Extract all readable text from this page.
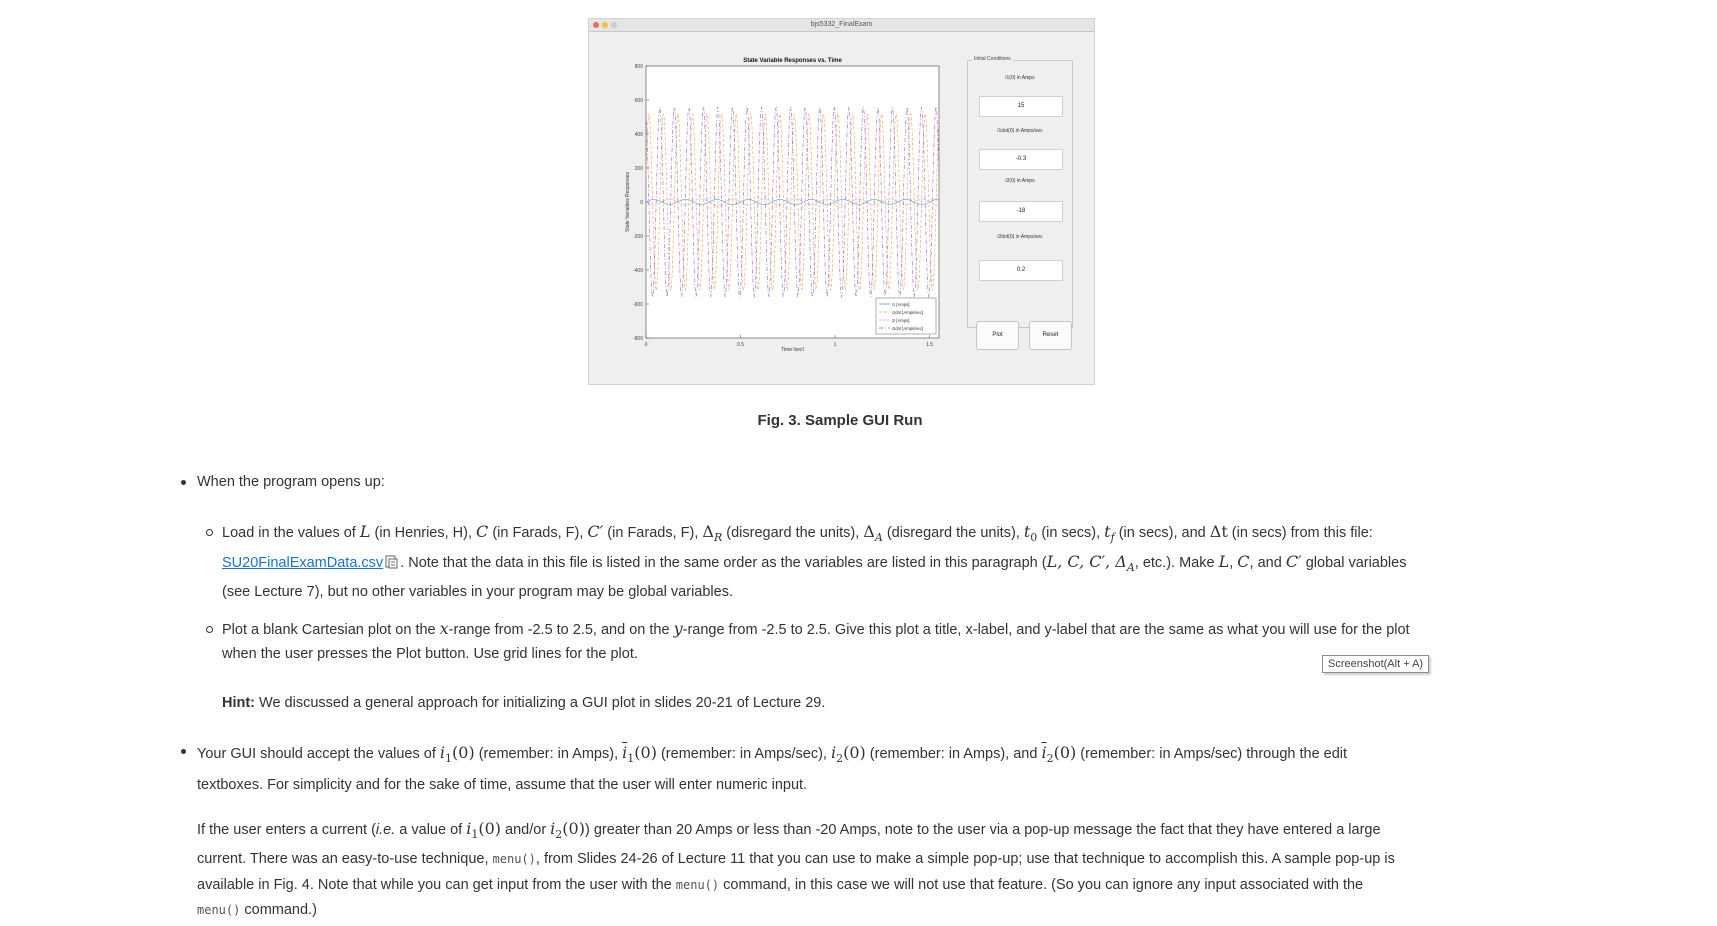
bjs5332_FinalExam
State Variable Responses vs. Time
800
600
400
200
0
-200
-400
-600
-800
0	0.5	1	1.5
Time [sec]
State Variables Responses
i1 [Amps]
i1dot [Amps/sec]
i2 [Amps]
i2dot [Amps/sec]
Initial Conditions
i1(0) in Amps
15
i1dot(0) in Amps/sec
-0.3
i2(0) in Amps
-18
i2dot(0) in Amps/sec
0.2
Plot	Reset
Fig. 3. Sample GUI Run
When the program opens up:
Load in the values of L (in Henries, H), C (in Farads, F), C′ (in Farads, F), $\Delta_R$ (disregard the units), $\Delta_A$ (disregard the units), $t_0$ (in secs), $t_f$ (in secs), and Δt (in secs) from this file:
SU20FinalExamData.csv . Note that the data in this file is listed in the same order as the variables are listed in this paragraph (L, C, C′, $\Delta_A$, etc.). Make L, C, and C′ global variables
(see Lecture 7), but no other variables in your program may be global variables.
Plot a blank Cartesian plot on the x-range from -2.5 to 2.5, and on the y-range from -2.5 to 2.5. Give this plot a title, x-label, and y-label that are the same as what you will use for the plot
when the user presses the Plot button. Use grid lines for the plot.
Screenshot(Alt + A)
Hint: We discussed a general approach for initializing a GUI plot in slides 20-21 of Lecture 29.
Your GUI should accept the values of $i_1(0)$ (remember: in Amps), $\overline{i}_1(0)$ (remember: in Amps/sec), $i_2(0)$ (remember: in Amps), and $\overline{i}_2(0)$ (remember: in Amps/sec) through the edit
textboxes. For simplicity and for the sake of time, assume that the user will enter numeric input.
If the user enters a current (i.e. a value of $i_1(0)$ and/or $i_2(0)$) greater than 20 Amps or less than -20 Amps, note to the user via a pop-up message the fact that they have entered a large
current. There was an easy-to-use technique, menu(), from Slides 24-26 of Lecture 11 that you can use to make a simple pop-up; use that technique to accomplish this. A sample pop-up is
available in Fig. 4. Note that while you can get input from the user with the menu() command, in this case we will not use that feature. (So you can ignore any input associated with the
menu() command.)
